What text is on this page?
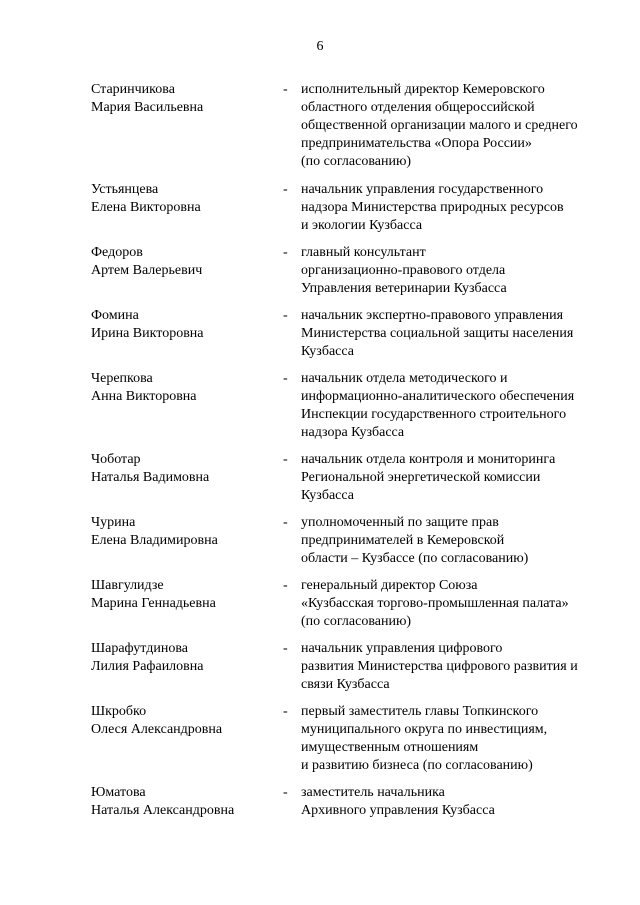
6
Старинчикова
Мария Васильевна
- исполнительный директор Кемеровского
областного отделения общероссийской
общественной организации малого и среднего
предпринимательства «Опора России»
(по согласованию)
Устьянцева
Елена Викторовна
- начальник управления государственного
надзора Министерства природных ресурсов
и экологии Кузбасса
Федоров
Артем Валерьевич
- главный консультант
организационно-правового отдела
Управления ветеринарии Кузбасса
Фомина
Ирина Викторовна
- начальник экспертно-правового управления
Министерства социальной защиты населения
Кузбасса
Черепкова
Анна Викторовна
- начальник отдела методического и
информационно-аналитического обеспечения
Инспекции государственного строительного
надзора Кузбасса
Чоботар
Наталья Вадимовна
- начальник отдела контроля и мониторинга
Региональной энергетической комиссии
Кузбасса
Чурина
Елена Владимировна
- уполномоченный по защите прав
предпринимателей в Кемеровской
области – Кузбассе (по согласованию)
Шавгулидзе
Марина Геннадьевна
- генеральный директор Союза
«Кузбасская торгово-промышленная палата»
(по согласованию)
Шарафутдинова
Лилия Рафаиловна
- начальник управления цифрового
развития Министерства цифрового развития и
связи Кузбасса
Шкробко
Олеся Александровна
- первый заместитель главы Топкинского
муниципального округа по инвестициям,
имущественным отношениям
и развитию бизнеса (по согласованию)
Юматова
Наталья Александровна
- заместитель начальника
Архивного управления Кузбасса
